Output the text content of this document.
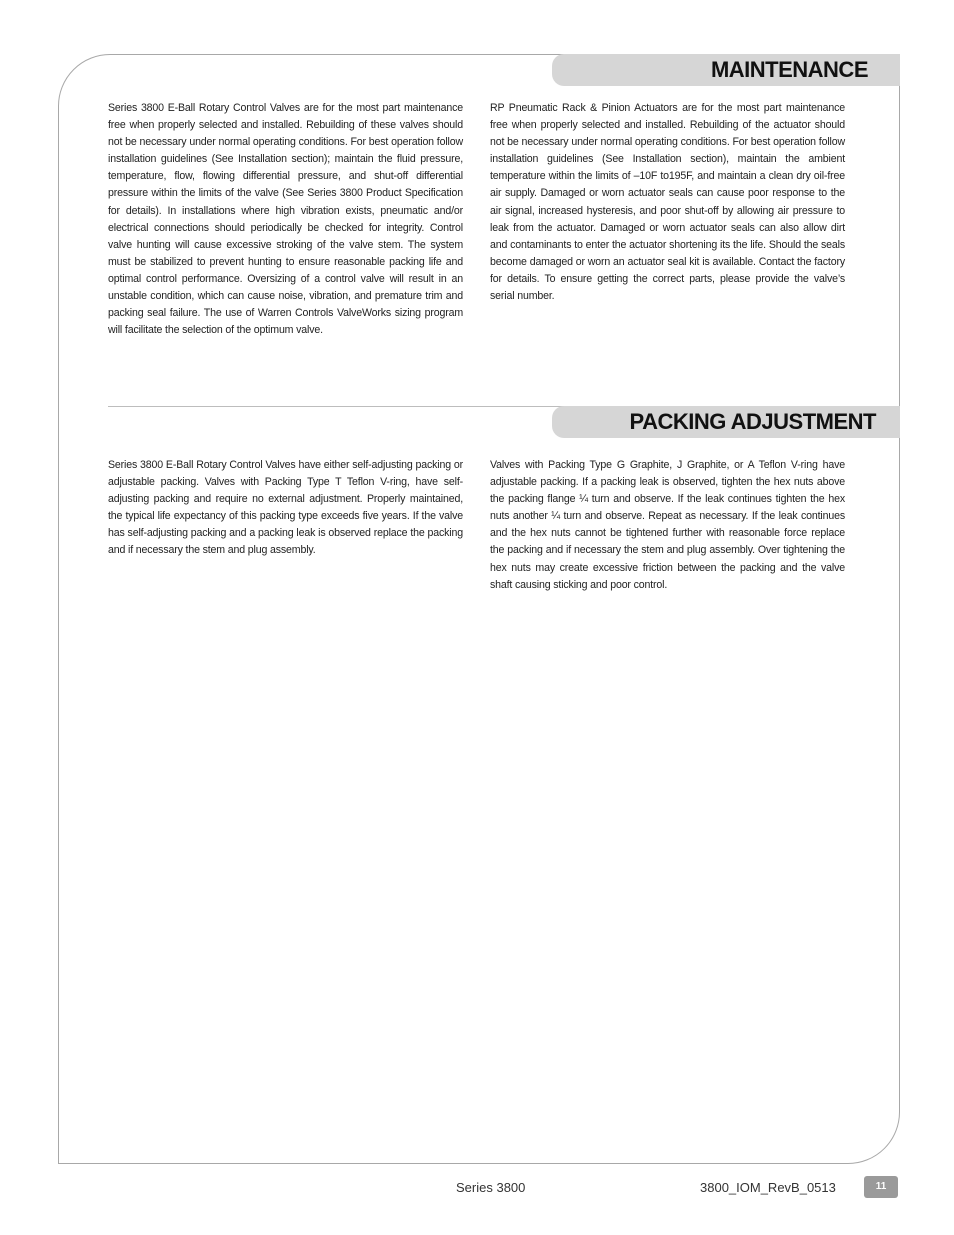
MAINTENANCE
Series 3800 E-Ball Rotary Control Valves are for the most part maintenance free when properly selected and installed. Rebuilding of these valves should not be necessary under normal operating conditions. For best operation follow installation guidelines (See Installation section); maintain the fluid pressure, temperature, flow, flowing differential pressure, and shut-off differential pressure within the limits of the valve (See Series 3800 Product Specification for details). In installations where high vibration exists, pneumatic and/or electrical connections should periodically be checked for integrity. Control valve hunting will cause excessive stroking of the valve stem. The system must be stabilized to prevent hunting to ensure reasonable packing life and optimal control performance. Oversizing of a control valve will result in an unstable condition, which can cause noise, vibration, and premature trim and packing seal failure. The use of Warren Controls ValveWorks sizing program will facilitate the selection of the optimum valve.
RP Pneumatic Rack & Pinion Actuators are for the most part maintenance free when properly selected and installed. Rebuilding of the actuator should not be necessary under normal operating conditions. For best operation follow installation guidelines (See Installation section), maintain the ambient temperature within the limits of –10F to195F, and maintain a clean dry oil-free air supply. Damaged or worn actuator seals can cause poor response to the air signal, increased hysteresis, and poor shut-off by allowing air pressure to leak from the actuator. Damaged or worn actuator seals can also allow dirt and contaminants to enter the actuator shortening its the life. Should the seals become damaged or worn an actuator seal kit is available. Contact the factory for details. To ensure getting the correct parts, please provide the valve’s serial number.
PACKING ADJUSTMENT
Series 3800 E-Ball Rotary Control Valves have either self-adjusting packing or adjustable packing. Valves with Packing Type T Teflon V-ring, have self-adjusting packing and require no external adjustment. Properly maintained, the typical life expectancy of this packing type exceeds five years. If the valve has self-adjusting packing and a packing leak is observed replace the packing and if necessary the stem and plug assembly.
Valves with Packing Type G Graphite, J Graphite, or A Teflon V-ring have adjustable packing. If a packing leak is observed, tighten the hex nuts above the packing flange ¼ turn and observe. If the leak continues tighten the hex nuts another ¼ turn and observe. Repeat as necessary. If the leak continues and the hex nuts cannot be tightened further with reasonable force replace the packing and if necessary the stem and plug assembly. Over tightening the hex nuts may create excessive friction between the packing and the valve shaft causing sticking and poor control.
Series 3800	3800_IOM_RevB_0513	11
